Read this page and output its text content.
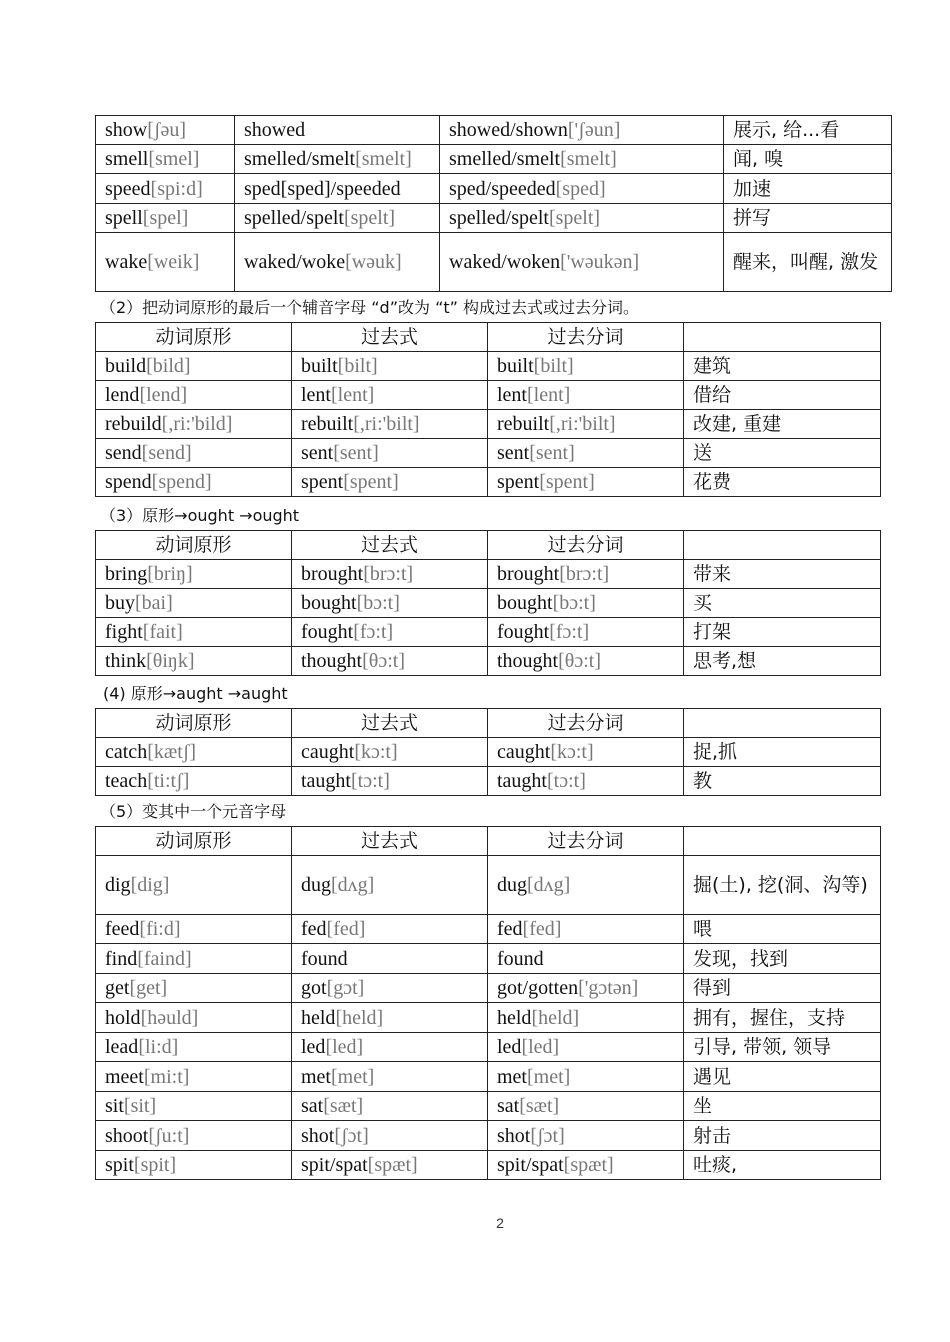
show[ʃəu]	showed	showed/shown['ʃəun]	展示, 给...看
smell[smel]	smelled/smelt[smelt]	smelled/smelt[smelt]	闻, 嗅
speed[spi:d]	sped[sped]/speeded	sped/speeded[sped]	加速
spell[spel]	spelled/spelt[spelt]	spelled/spelt[spelt]	拼写
wake[weik]	waked/woke[wəuk]	waked/woken['wəukən]	醒来，叫醒, 激发
（2）把动词原形的最后一个辅音字母 “d”改为 “t” 构成过去式或过去分词。
动词原形	过去式	过去分词	
build[bild]	built[bilt]	built[bilt]	建筑
lend[lend]	lent[lent]	lent[lent]	借给
rebuild[,ri:'bild]	rebuilt[,ri:'bilt]	rebuilt[,ri:'bilt]	改建, 重建
send[send]	sent[sent]	sent[sent]	送
spend[spend]	spent[spent]	spent[spent]	花费
（3）原形→ought →ought
动词原形	过去式	过去分词	
bring[briŋ]	brought[brɔ:t]	brought[brɔ:t]	带来
buy[bai]	bought[bɔ:t]	bought[bɔ:t]	买
fight[fait]	fought[fɔ:t]	fought[fɔ:t]	打架
think[θiŋk]	thought[θɔ:t]	thought[θɔ:t]	思考,想
(4) 原形→aught →aught
动词原形	过去式	过去分词	
catch[kætʃ]	caught[kɔ:t]	caught[kɔ:t]	捉,抓
teach[ti:tʃ]	taught[tɔ:t]	taught[tɔ:t]	教
（5）变其中一个元音字母
动词原形	过去式	过去分词	
dig[dig]	dug[dʌg]	dug[dʌg]	掘(土), 挖(洞、沟等)
feed[fi:d]	fed[fed]	fed[fed]	喂
find[faind]	found	found	发现，找到
get[get]	got[gɔt]	got/gotten['gɔtən]	得到
hold[həuld]	held[held]	held[held]	拥有，握住，支持
lead[li:d]	led[led]	led[led]	引导, 带领, 领导
meet[mi:t]	met[met]	met[met]	遇见
sit[sit]	sat[sæt]	sat[sæt]	坐
shoot[ʃu:t]	shot[ʃɔt]	shot[ʃɔt]	射击
spit[spit]	spit/spat[spæt]	spit/spat[spæt]	吐痰,
2
